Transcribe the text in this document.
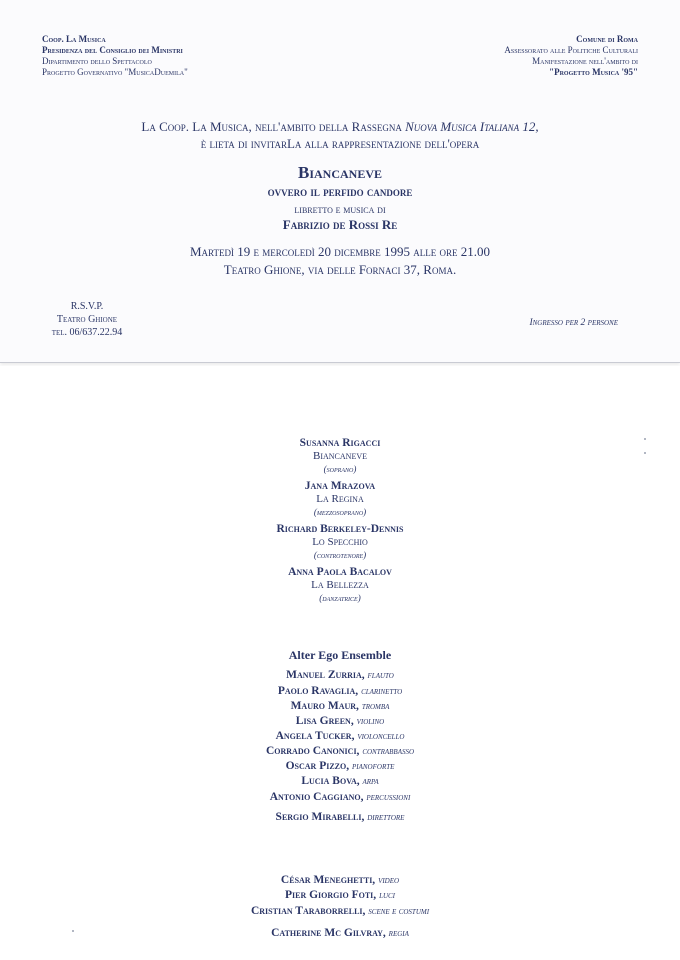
Coop. La Musica
Presidenza del Consiglio dei Ministri
Dipartimento dello Spettacolo
Progetto Governativo "MusicaDuemila"
Comune di Roma
Assessorato alle Politiche Culturali
Manifestazione nell'ambito di
"Progetto Musica '95"
La Coop. La Musica, nell'ambito della Rassegna Nuova Musica Italiana 12,
è lieta di invitarLa alla rappresentazione dell'opera
Biancaneve
ovvero il perfido candore
libretto e musica di
Fabrizio de Rossi Re
Martedì 19 e mercoledì 20 dicembre 1995 alle ore 21.00
Teatro Ghione, via delle Fornaci 37, Roma.
R.S.V.P.
Teatro Ghione
tel. 06/637.22.94
Ingresso per 2 persone
Susanna Rigacci
Biancaneve
(soprano)
Jana Mrazova
La Regina
(mezzosoprano)
Richard Berkeley-Dennis
Lo Specchio
(controtenore)
Anna Paola Bacalov
La Bellezza
(danzatrice)
Alter Ego Ensemble
Manuel Zurria, flauto
Paolo Ravaglia, clarinetto
Mauro Maur, tromba
Lisa Green, violino
Angela Tucker, violoncello
Corrado Canonici, contrabbasso
Oscar Pizzo, pianoforte
Lucia Bova, arpa
Antonio Caggiano, percussioni
Sergio Mirabelli, direttore
César Meneghetti, video
Pier Giorgio Foti, luci
Cristian Taraborrelli, scene e costumi
Catherine Mc Gilvray, regia
